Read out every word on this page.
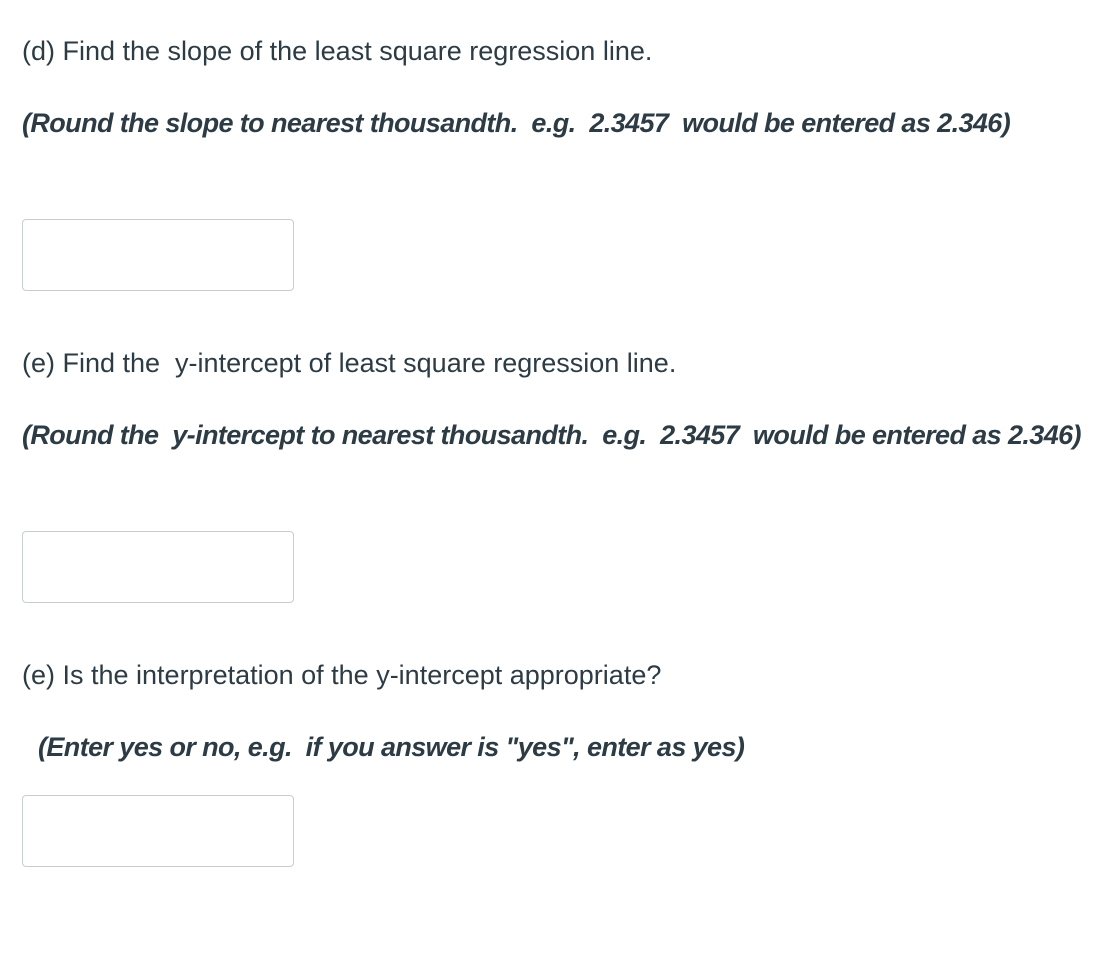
(d) Find the slope of the least square regression line.

(Round the slope to nearest thousandth.  e.g.  2.3457  would be entered as 2.346)

(e) Find the  y-intercept of least square regression line.

(Round the  y-intercept to nearest thousandth.  e.g.  2.3457  would be entered as 2.346)

(e) Is the interpretation of the y-intercept appropriate?

(Enter yes or no, e.g.  if you answer is "yes", enter as yes)
